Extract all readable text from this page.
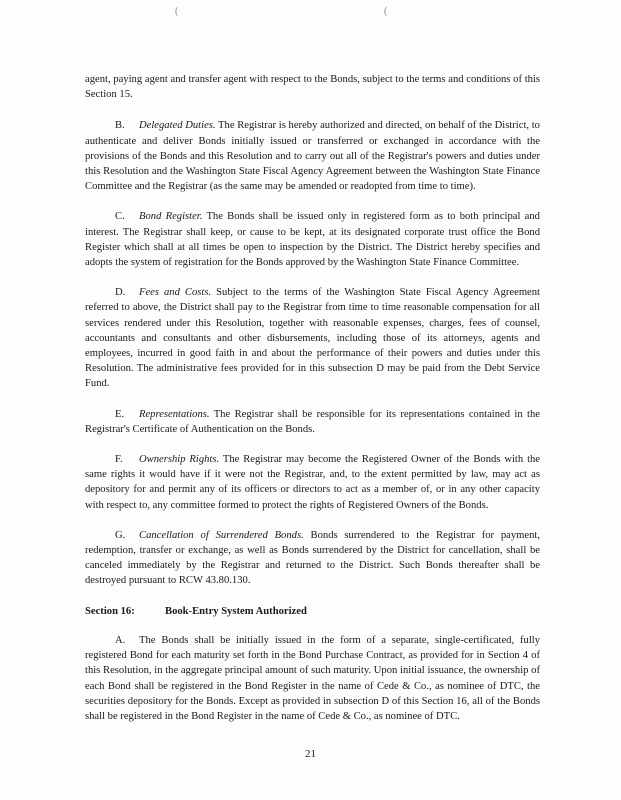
(	(

agent, paying agent and transfer agent with respect to the Bonds, subject to the terms and conditions of this Section 15.

B. Delegated Duties. The Registrar is hereby authorized and directed, on behalf of the District, to authenticate and deliver Bonds initially issued or transferred or exchanged in accordance with the provisions of the Bonds and this Resolution and to carry out all of the Registrar's powers and duties under this Resolution and the Washington State Fiscal Agency Agreement between the Washington State Finance Committee and the Registrar (as the same may be amended or readopted from time to time).

C. Bond Register. The Bonds shall be issued only in registered form as to both principal and interest. The Registrar shall keep, or cause to be kept, at its designated corporate trust office the Bond Register which shall at all times be open to inspection by the District. The District hereby specifies and adopts the system of registration for the Bonds approved by the Washington State Finance Committee.

D. Fees and Costs. Subject to the terms of the Washington State Fiscal Agency Agreement referred to above, the District shall pay to the Registrar from time to time reasonable compensation for all services rendered under this Resolution, together with reasonable expenses, charges, fees of counsel, accountants and consultants and other disbursements, including those of its attorneys, agents and employees, incurred in good faith in and about the performance of their powers and duties under this Resolution. The administrative fees provided for in this subsection D may be paid from the Debt Service Fund.

E. Representations. The Registrar shall be responsible for its representations contained in the Registrar's Certificate of Authentication on the Bonds.

F. Ownership Rights. The Registrar may become the Registered Owner of the Bonds with the same rights it would have if it were not the Registrar, and, to the extent permitted by law, may act as depository for and permit any of its officers or directors to act as a member of, or in any other capacity with respect to, any committee formed to protect the rights of Registered Owners of the Bonds.

G. Cancellation of Surrendered Bonds. Bonds surrendered to the Registrar for payment, redemption, transfer or exchange, as well as Bonds surrendered by the District for cancellation, shall be canceled immediately by the Registrar and returned to the District. Such Bonds thereafter shall be destroyed pursuant to RCW 43.80.130.

Section 16:	Book-Entry System Authorized

A. The Bonds shall be initially issued in the form of a separate, single-certificated, fully registered Bond for each maturity set forth in the Bond Purchase Contract, as provided for in Section 4 of this Resolution, in the aggregate principal amount of such maturity. Upon initial issuance, the ownership of each Bond shall be registered in the Bond Register in the name of Cede & Co., as nominee of DTC, the securities depository for the Bonds. Except as provided in subsection D of this Section 16, all of the Bonds shall be registered in the Bond Register in the name of Cede & Co., as nominee of DTC.

21
